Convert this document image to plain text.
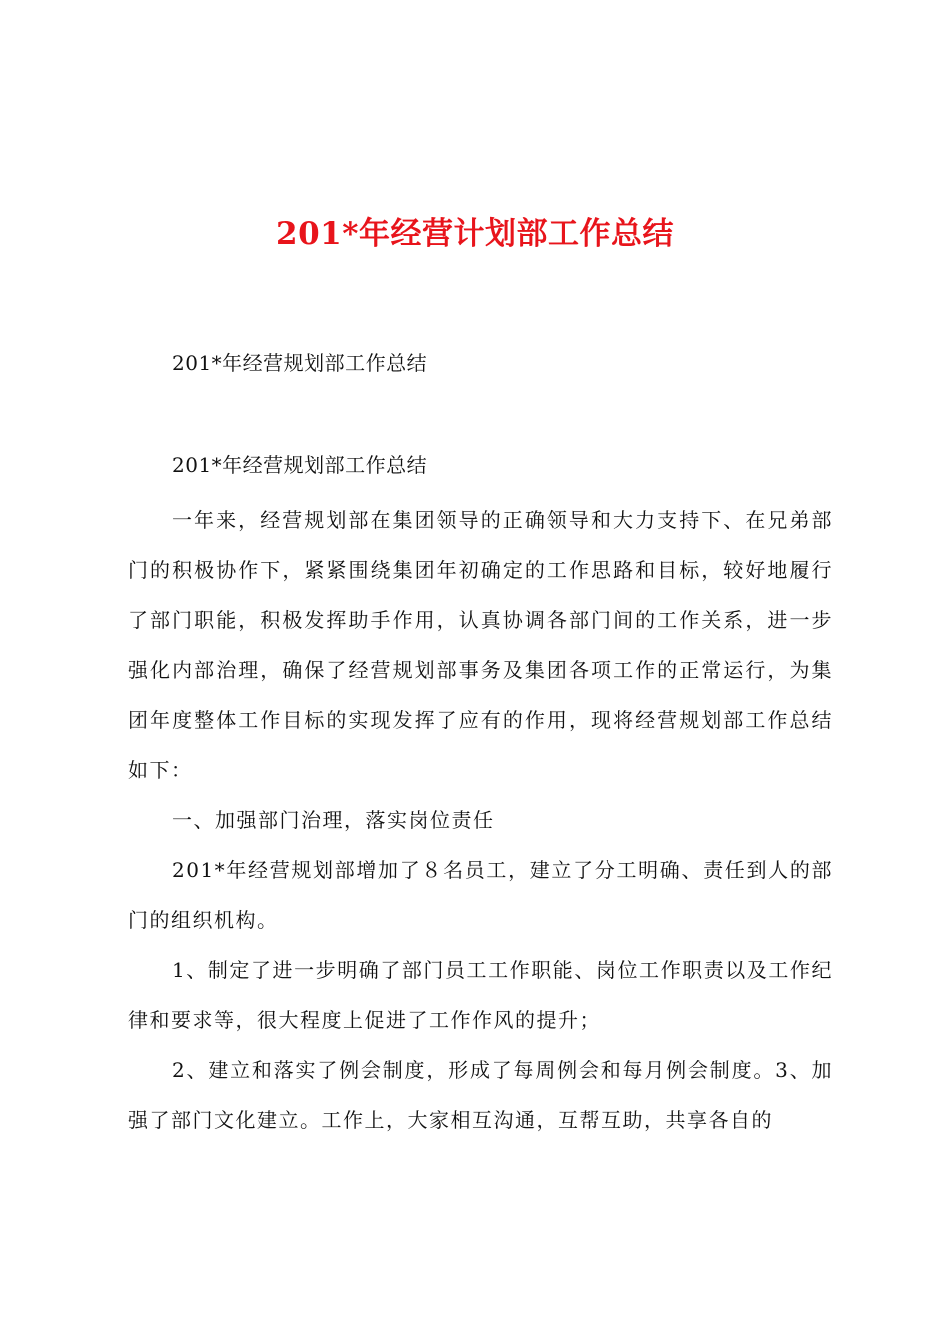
201*年经营计划部工作总结
201*年经营规划部工作总结
201*年经营规划部工作总结

一年来，经营规划部在集团领导的正确领导和大力支持下、在兄弟部门的积极协作下，紧紧围绕集团年初确定的工作思路和目标，较好地履行了部门职能，积极发挥助手作用，认真协调各部门间的工作关系，进一步强化内部治理，确保了经营规划部事务及集团各项工作的正常运行，为集团年度整体工作目标的实现发挥了应有的作用，现将经营规划部工作总结如下：

一、加强部门治理，落实岗位责任

201*年经营规划部增加了８名员工，建立了分工明确、责任到人的部门的组织机构。

1、制定了进一步明确了部门员工工作职能、岗位工作职责以及工作纪律和要求等，很大程度上促进了工作作风的提升；

2、建立和落实了例会制度，形成了每周例会和每月例会制度。3、加强了部门文化建立。工作上，大家相互沟通，互帮互助，共享各自的
